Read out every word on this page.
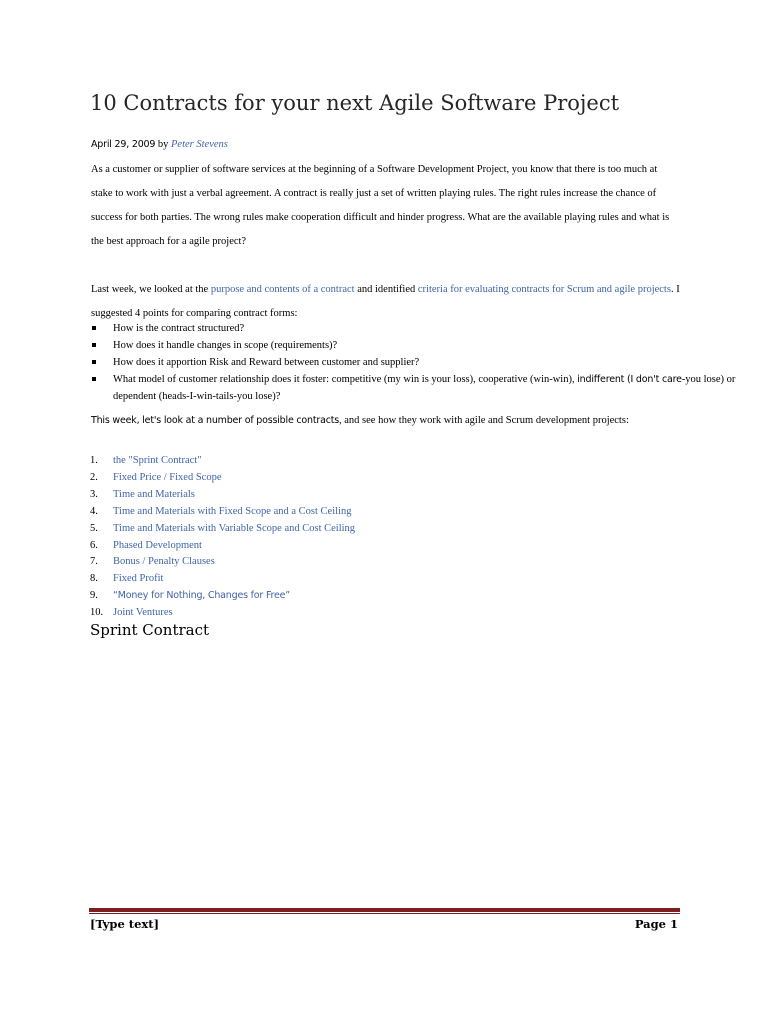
10 Contracts for your next Agile Software Project
April 29, 2009 by Peter Stevens

As a customer or supplier of software services at the beginning of a Software Development Project, you know that there is too much at stake to work with just a verbal agreement. A contract is really just a set of written playing rules. The right rules increase the chance of success for both parties. The wrong rules make cooperation difficult and hinder progress. What are the available playing rules and what is the best approach for a agile project?

Last week, we looked at the purpose and contents of a contract and identified criteria for evaluating contracts for Scrum and agile projects. I suggested 4 points for comparing contract forms:

How is the contract structured?
How does it handle changes in scope (requirements)?
How does it apportion Risk and Reward between customer and supplier?
What model of customer relationship does it foster: competitive (my win is your loss), cooperative (win-win), indifferent (I don't care-you lose) or dependent (heads-I-win-tails-you lose)?

This week, let's look at a number of possible contracts, and see how they work with agile and Scrum development projects:

1. the "Sprint Contract"
2. Fixed Price / Fixed Scope
3. Time and Materials
4. Time and Materials with Fixed Scope and a Cost Ceiling
5. Time and Materials with Variable Scope and Cost Ceiling
6. Phased Development
7. Bonus / Penalty Clauses
8. Fixed Profit
9. “Money for Nothing, Changes for Free”
10. Joint Ventures
Sprint Contract
[Type text]	Page 1
